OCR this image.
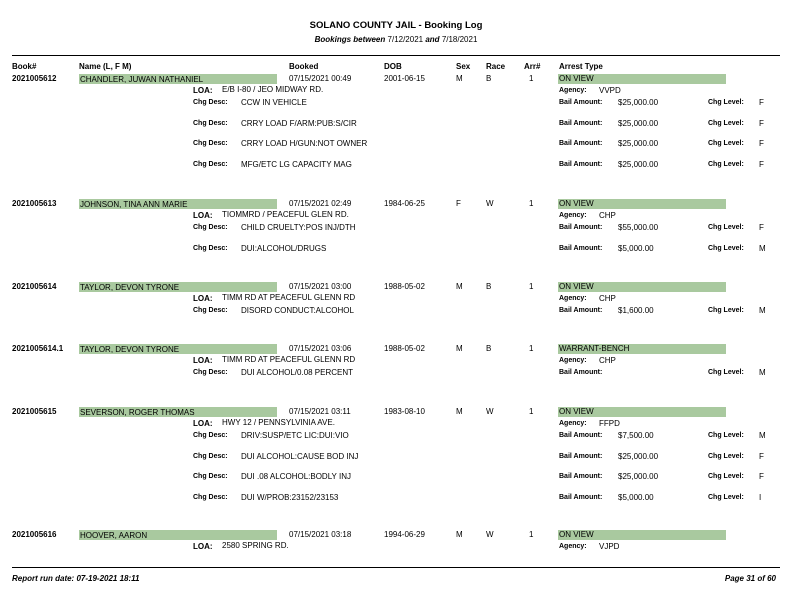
SOLANO COUNTY JAIL - Booking Log
Bookings between 7/12/2021 and 7/18/2021
Book#	Name (L, F M)	Booked	DOB	Sex Race Arr# Arrest Type
2021005612	CHANDLER, JUWAN NATHANIEL	07/15/2021 00:49	2001-06-15	M	B	1	ON VIEW
LOA: E/B I-80 / JEO MIDWAY RD.	Agency: VVPD
Chg Desc: CCW IN VEHICLE	Bail Amount: $25,000.00	Chg Level: F
Chg Desc: CRRY LOAD F/ARM:PUB:S/CIR	Bail Amount: $25,000.00	Chg Level: F
Chg Desc: CRRY LOAD H/GUN:NOT OWNER	Bail Amount: $25,000.00	Chg Level: F
Chg Desc: MFG/ETC LG CAPACITY MAG	Bail Amount: $25,000.00	Chg Level: F
2021005613	JOHNSON, TINA ANN MARIE	07/15/2021 02:49	1984-06-25	F	W	1	ON VIEW
LOA: TIOMMRD / PEACEFUL GLEN RD.	Agency: CHP
Chg Desc: CHILD CRUELTY:POS INJ/DTH	Bail Amount: $55,000.00	Chg Level: F
Chg Desc: DUI:ALCOHOL/DRUGS	Bail Amount: $5,000.00	Chg Level: M
2021005614	TAYLOR, DEVON TYRONE	07/15/2021 03:00	1988-05-02	M	B	1	ON VIEW
LOA: TIMM RD AT PEACEFUL GLENN RD	Agency: CHP
Chg Desc: DISORD CONDUCT:ALCOHOL	Bail Amount: $1,600.00	Chg Level: M
2021005614.1 TAYLOR, DEVON TYRONE	07/15/2021 03:06	1988-05-02	M	B	1	WARRANT-BENCH
LOA: TIMM RD AT PEACEFUL GLENN RD	Agency: CHP
Chg Desc: DUI ALCOHOL/0.08 PERCENT	Bail Amount:	Chg Level: M
2021005615	SEVERSON, ROGER THOMAS	07/15/2021 03:11	1983-08-10	M	W	1	ON VIEW
LOA: HWY 12 / PENNSYLVINIA AVE.	Agency: FFPD
Chg Desc: DRIV:SUSP/ETC LIC:DUI:VIO	Bail Amount: $7,500.00	Chg Level: M
Chg Desc: DUI ALCOHOL:CAUSE BOD INJ	Bail Amount: $25,000.00	Chg Level: F
Chg Desc: DUI .08 ALCOHOL:BODLY INJ	Bail Amount: $25,000.00	Chg Level: F
Chg Desc: DUI W/PROB:23152/23153	Bail Amount: $5,000.00	Chg Level: I
2021005616	HOOVER, AARON	07/15/2021 03:18	1994-06-29	M	W	1	ON VIEW
LOA: 2580 SPRING RD.	Agency: VJPD
Report run date: 07-19-2021 18:11	Page 31 of 60
